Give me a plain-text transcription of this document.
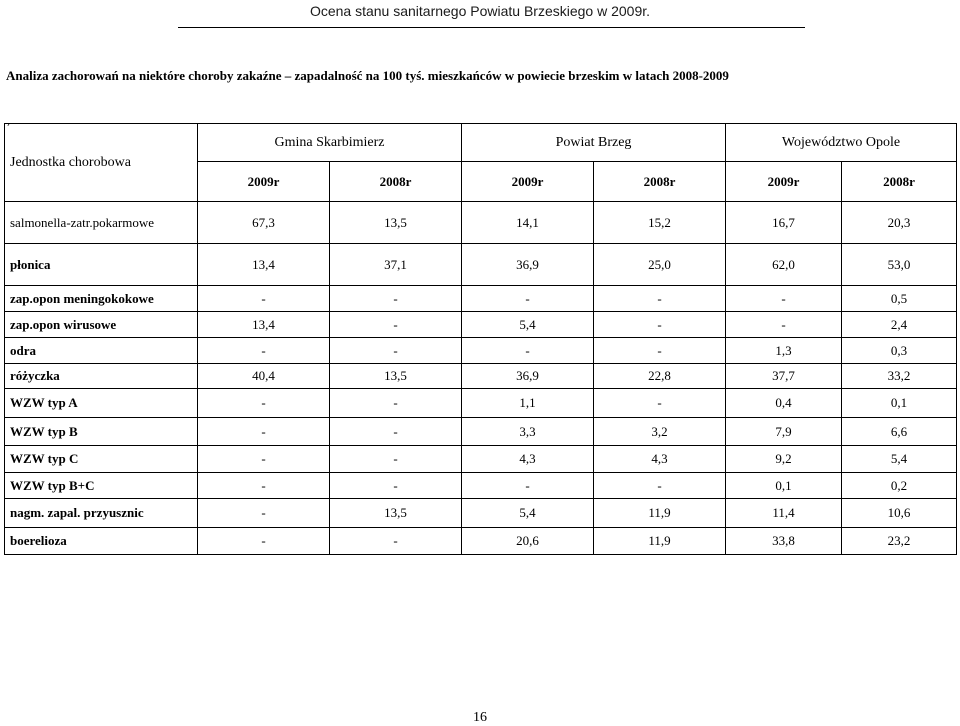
Ocena stanu sanitarnego Powiatu Brzeskiego w 2009r.
Analiza zachorowań na niektóre choroby zakaźne – zapadalność na 100 tyś. mieszkańców w powiecie brzeskim w latach 2008-2009
,
Jednostka chorobowa	Gmina Skarbimierz		Powiat Brzeg		Województwo Opole	
	2009r	2008r	2009r	2008r	2009r	2008r
salmonella-zatr.pokarmowe	67,3	13,5	14,1	15,2	16,7	20,3
płonica	13,4	37,1	36,9	25,0	62,0	53,0
zap.opon meningokokowe	-	-	-	-	-	0,5
zap.opon wirusowe	13,4	-	5,4	-	-	2,4
odra	-	-	-	-	1,3	0,3
różyczka	40,4	13,5	36,9	22,8	37,7	33,2
WZW typ A	-	-	1,1	-	0,4	0,1
WZW typ B	-	-	3,3	3,2	7,9	6,6
WZW typ C	-	-	4,3	4,3	9,2	5,4
WZW typ B+C	-	-	-	-	0,1	0,2
nagm. zapal. przyusznic	-	13,5	5,4	11,9	11,4	10,6
boerelioza	-	-	20,6	11,9	33,8	23,2
16
